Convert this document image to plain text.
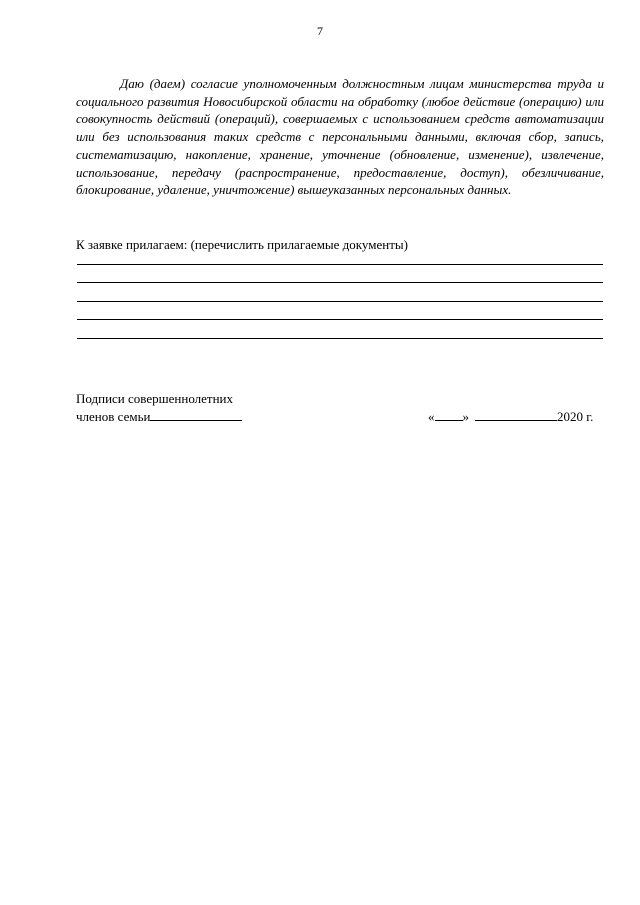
7

Даю (даем) согласие уполномоченным должностным лицам министерства труда и социального развития Новосибирской области на обработку (любое действие (операцию) или совокупность действий (операций), совершаемых с использованием средств автоматизации или без использования таких средств с персональными данными, включая сбор, запись, систематизацию, накопление, хранение, уточнение (обновление, изменение), извлечение, использование, передачу (распространение, предоставление, доступ), обезличивание, блокирование, удаление, уничтожение) вышеуказанных персональных данных.

К заявке прилагаем: (перечислить прилагаемые документы)
Подписи совершеннолетних
членов семьи	« »	2020 г.
